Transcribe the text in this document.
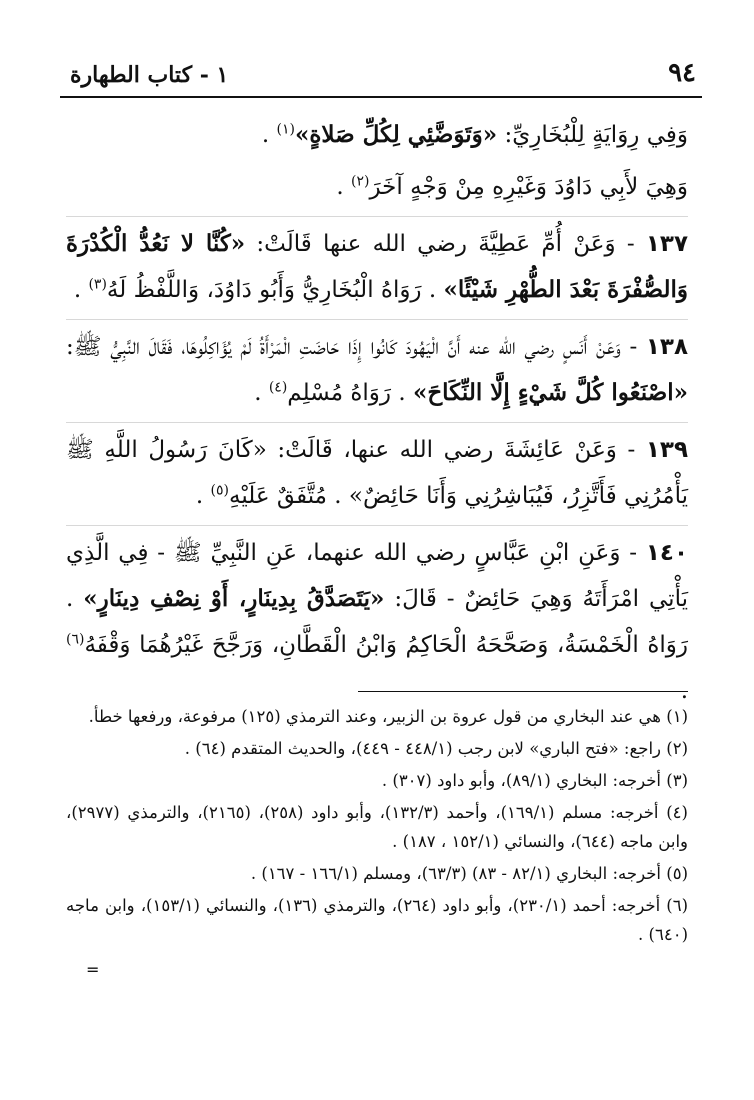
٩٤
١ - كتاب الطهارة

وَفِي رِوَايَةٍ لِلْبُخَارِيِّ: «وَتَوَضَّئِي لِكُلِّ صَلاةٍ»$^{(١)}$ .

وَهِيَ لأَبِي دَاوُدَ وَغَيْرِهِ مِنْ وَجْهٍ آخَرَ$^{(٢)}$ .

١٣٧ - وَعَنْ أُمِّ عَطِيَّةَ رضي الله عنها قَالَتْ: «كُنَّا لا نَعُدُّ الْكُدْرَةَ وَالصُّفْرَةَ بَعْدَ الطُّهْرِ شَيْئًا» . رَوَاهُ الْبُخَارِيُّ وَأَبُو دَاوُدَ، وَاللَّفْظُ لَهُ$^{(٣)}$ .

١٣٨ - وَعَنْ أَنَسٍ رضي الله عنه أَنَّ الْيَهُودَ كَانُوا إِذَا حَاضَتِ الْمَرْأَةُ لَمْ يُؤَاكِلُوهَا، فَقَالَ النَّبِيُّ ﷺ: «اصْنَعُوا كُلَّ شَيْءٍ إِلَّا النِّكَاحَ» . رَوَاهُ مُسْلِم$^{(٤)}$ .

١٣٩ - وَعَنْ عَائِشَةَ رضي الله عنها، قَالَتْ: «كَانَ رَسُولُ اللَّهِ ﷺ يَأْمُرُنِي فَأَتَّزِرُ، فَيُبَاشِرُنِي وَأَنَا حَائِضٌ» . مُتَّفَقٌ عَلَيْهِ$^{(٥)}$ .

١٤٠ - وَعَنِ ابْنِ عَبَّاسٍ رضي الله عنهما، عَنِ النَّبِيِّ ﷺ - فِي الَّذِي يَأْتِي امْرَأَتَهُ وَهِيَ حَائِضٌ - قَالَ: «يَتَصَدَّقُ بِدِينَارٍ، أَوْ نِصْفِ دِينَارٍ» . رَوَاهُ الْخَمْسَةُ، وَصَحَّحَهُ الْحَاكِمُ وَابْنُ الْقَطَّانِ، وَرَجَّحَ غَيْرُهُمَا وَقْفَهُ$^{(٦)}$ .

(١) هي عند البخاري من قول عروة بن الزبير، وعند الترمذي (١٢٥) مرفوعة، ورفعها خطأ.

(٢) راجع: «فتح الباري» لابن رجب (٤٤٨/١ - ٤٤٩)، والحديث المتقدم (٦٤) .

(٣) أخرجه: البخاري (٨٩/١)، وأبو داود (٣٠٧) .

(٤) أخرجه: مسلم (١٦٩/١)، وأحمد (١٣٢/٣)، وأبو داود (٢٥٨)، (٢١٦٥)، والترمذي (٢٩٧٧)، وابن ماجه (٦٤٤)، والنسائي (١٥٢/١ ، ١٨٧) .

(٥) أخرجه: البخاري (٨٢/١ - ٨٣) (٦٣/٣)، ومسلم (١٦٦/١ - ١٦٧) .

(٦) أخرجه: أحمد (٢٣٠/١)، وأبو داود (٢٦٤)، والترمذي (١٣٦)، والنسائي (١٥٣/١)، وابن ماجه (٦٤٠) .

=
